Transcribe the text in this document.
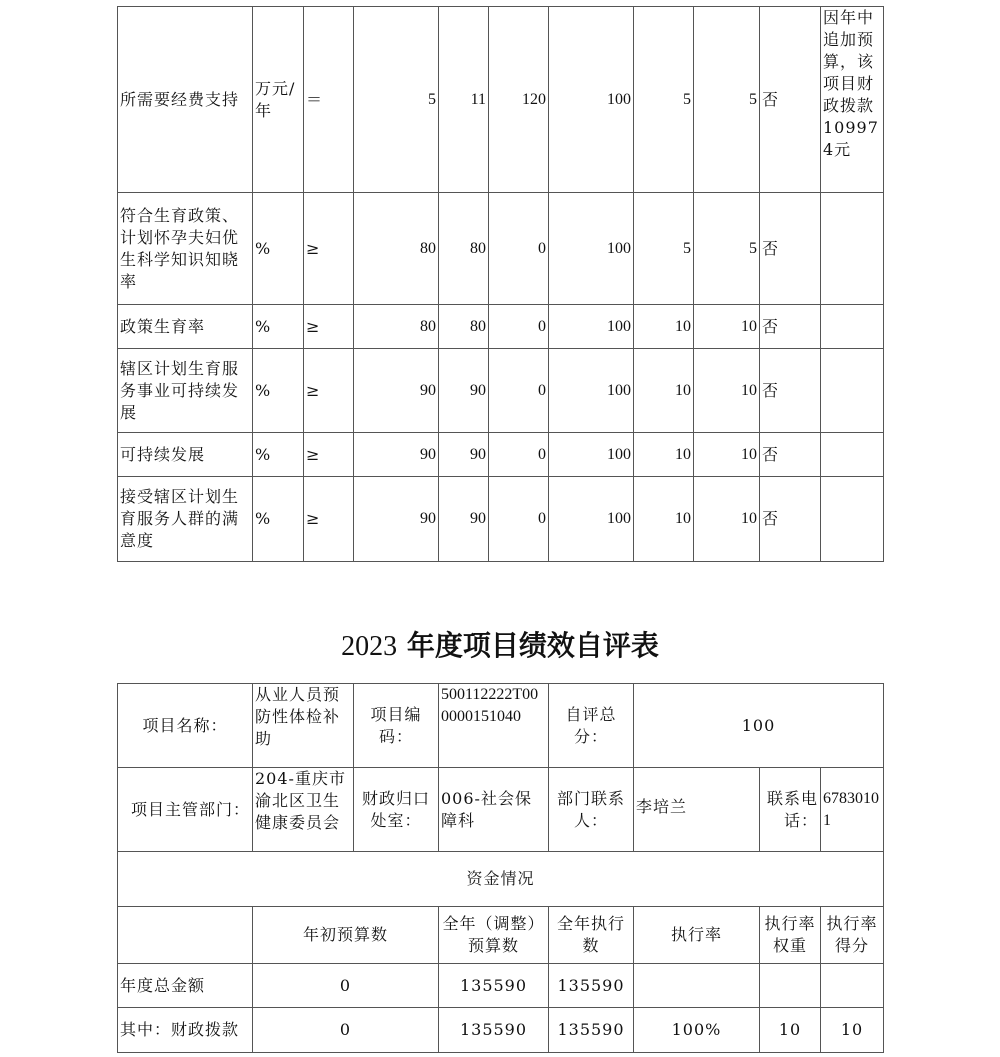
所需要经费支持	万元/年	＝	5	11	120	100	5	5	否	因年中追加预算，该项目财政拨款109974元
符合生育政策、计划怀孕夫妇优生科学知识知晓率	%	≥	80	80	0	100	5	5	否	
政策生育率	%	≥	80	80	0	100	10	10	否	
辖区计划生育服务事业可持续发展	%	≥	90	90	0	100	10	10	否	
可持续发展	%	≥	90	90	0	100	10	10	否	
接受辖区计划生育服务人群的满意度	%	≥	90	90	0	100	10	10	否	
2023 年度项目绩效自评表
项目名称：	从业人员预防性体检补助	项目编码：	500112222T000000151040	自评总分：	100		
项目主管部门：	204-重庆市渝北区卫生健康委员会	财政归口处室：	006-社会保障科	部门联系人：	李培兰	联系电话：	67830101
资金情况							
	年初预算数		全年（调整）预算数	全年执行数	执行率	执行率权重	执行率得分
年度总金额	0		135590	135590			
其中：财政拨款	0		135590	135590	100%	10	10
